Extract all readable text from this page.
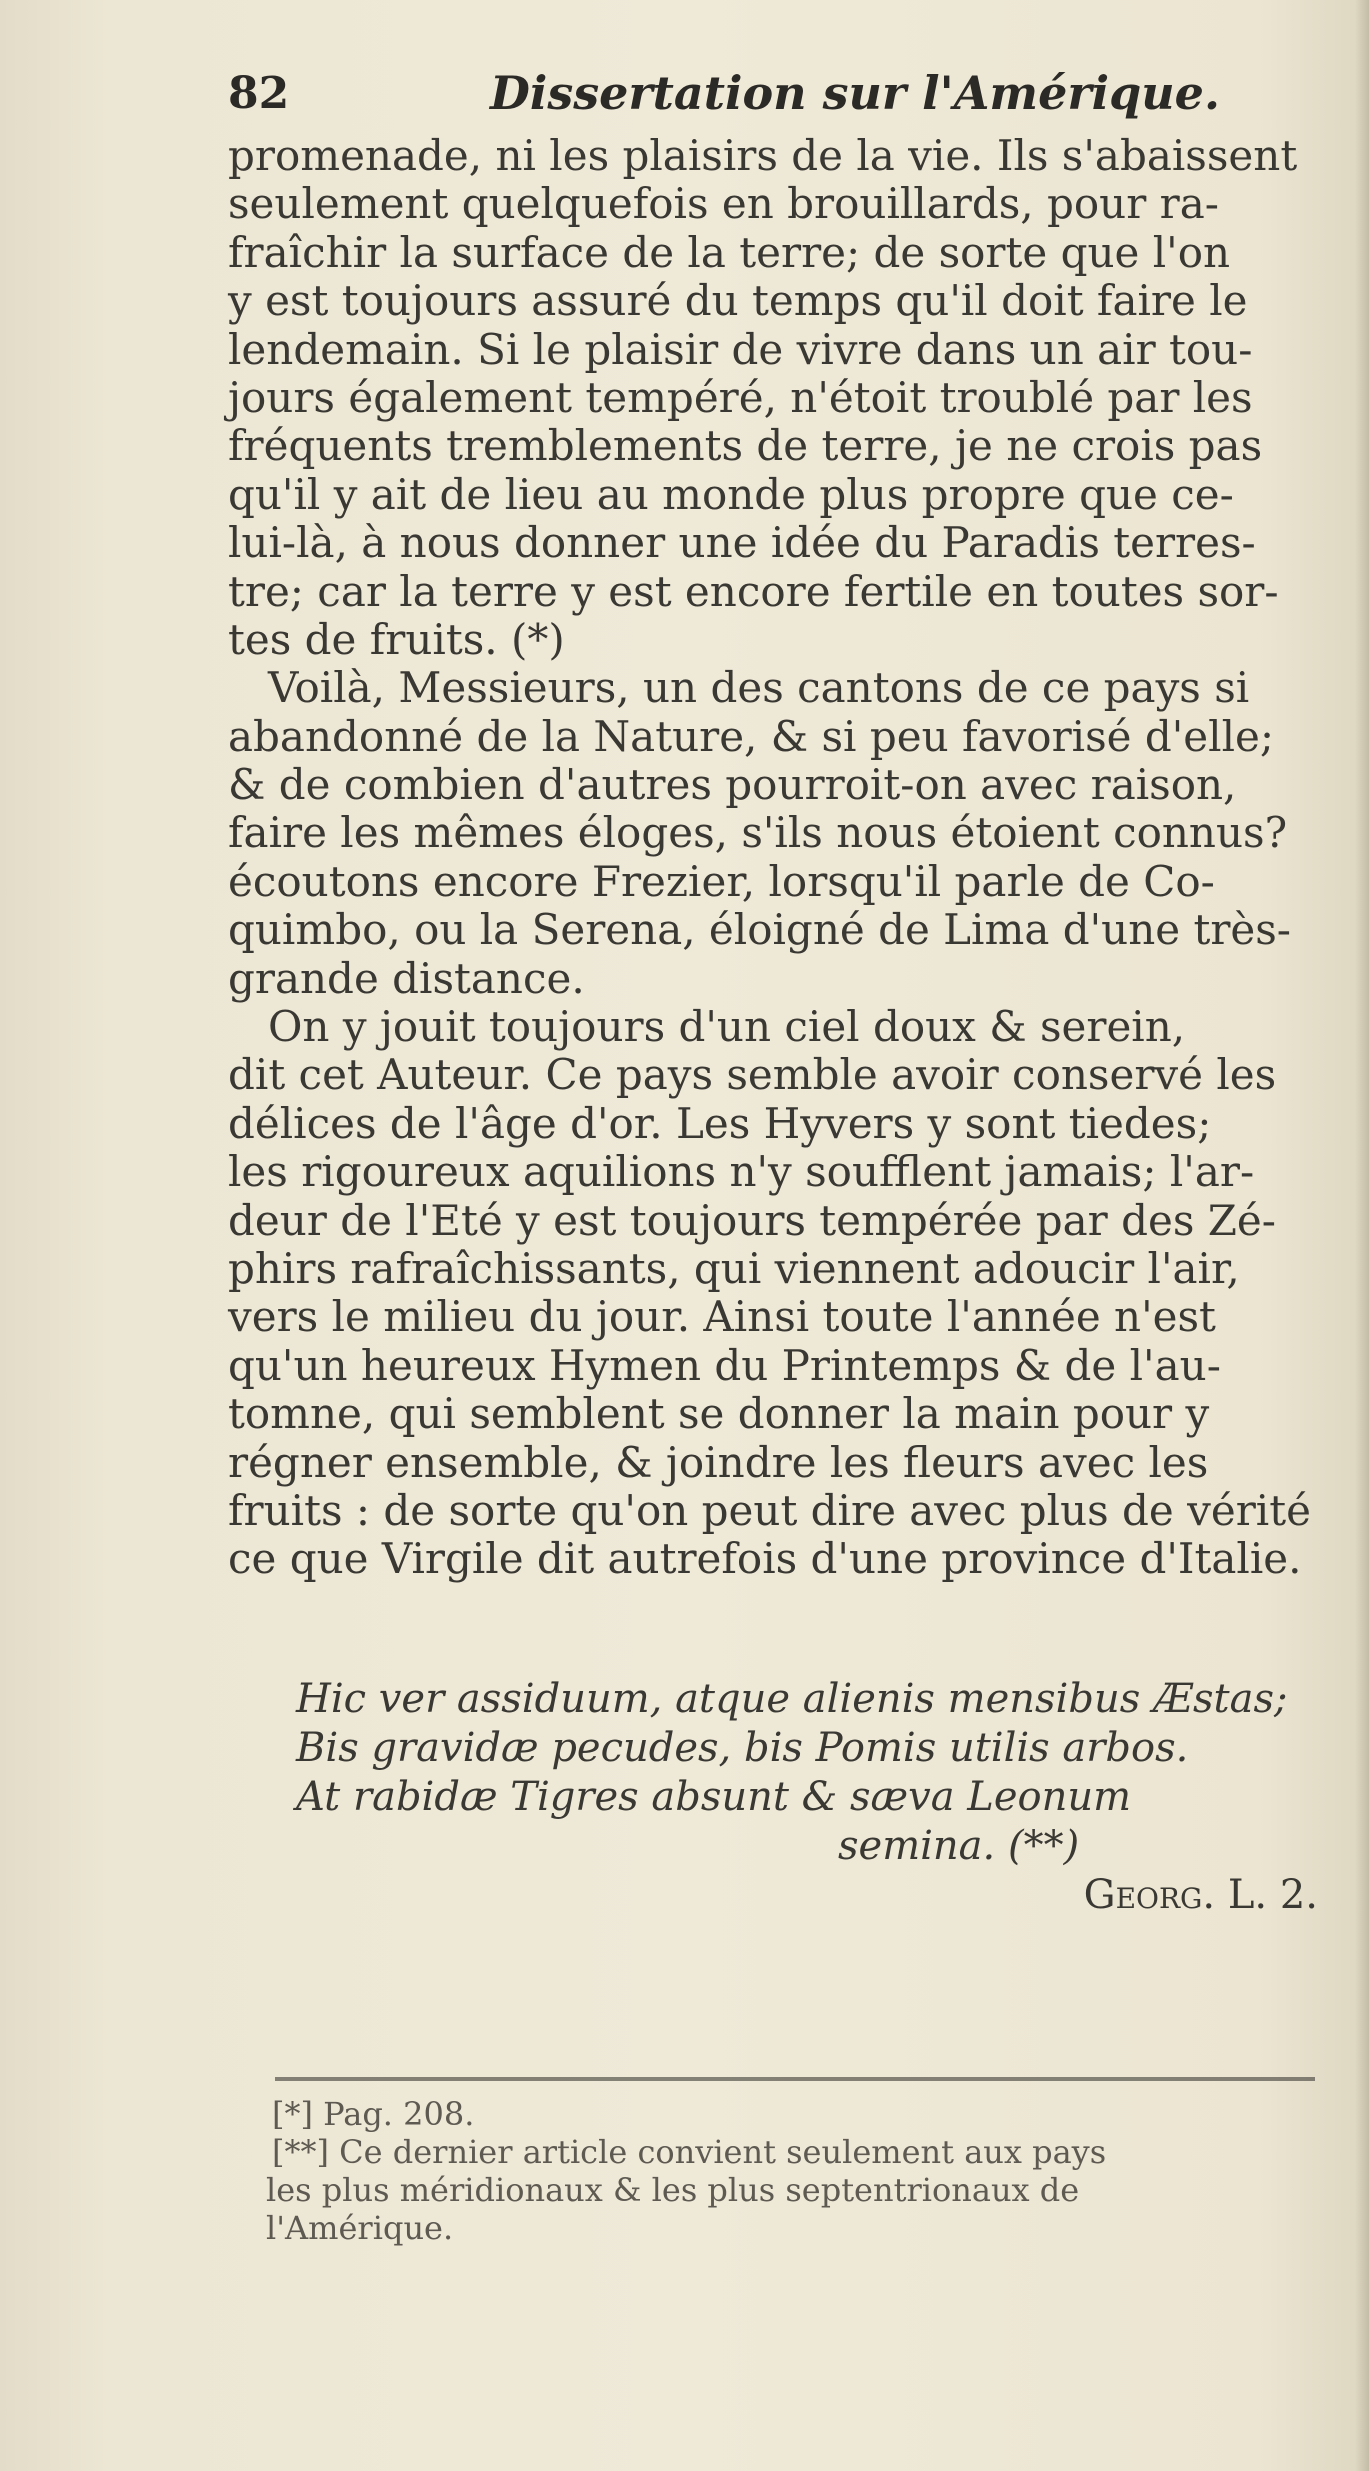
82	Dissertation sur l'Amérique.
promenade, ni les plaisirs de la vie. Ils s'abaissent
seulement quelquefois en brouillards, pour ra-
fraîchir la surface de la terre; de sorte que l'on
y est toujours assuré du temps qu'il doit faire le
lendemain. Si le plaisir de vivre dans un air tou-
jours également tempéré, n'étoit troublé par les
fréquents tremblements de terre, je ne crois pas
qu'il y ait de lieu au monde plus propre que ce-
lui-là, à nous donner une idée du Paradis terres-
tre; car la terre y est encore fertile en toutes sor-
tes de fruits. (*)
Voilà, Messieurs, un des cantons de ce pays si
abandonné de la Nature, & si peu favorisé d'elle;
& de combien d'autres pourroit-on avec raison,
faire les mêmes éloges, s'ils nous étoient connus?
écoutons encore Frezier, lorsqu'il parle de Co-
quimbo, ou la Serena, éloigné de Lima d'une très-
grande distance.
On y jouit toujours d'un ciel doux & serein,
dit cet Auteur. Ce pays semble avoir conservé les
délices de l'âge d'or. Les Hyvers y sont tiedes;
les rigoureux aquilions n'y soufflent jamais; l'ar-
deur de l'Eté y est toujours tempérée par des Zé-
phirs rafraîchissants, qui viennent adoucir l'air,
vers le milieu du jour. Ainsi toute l'année n'est
qu'un heureux Hymen du Printemps & de l'au-
tomne, qui semblent se donner la main pour y
régner ensemble, & joindre les fleurs avec les
fruits : de sorte qu'on peut dire avec plus de vérité
ce que Virgile dit autrefois d'une province d'Italie.
Hic ver assiduum, atque alienis mensibus Æstas;
Bis gravidæ pecudes, bis Pomis utilis arbos.
At rabidæ Tigres absunt & sæva Leonum
semina. (**)
Georg. L. 2.
[*] Pag. 208.
[**] Ce dernier article convient seulement aux pays
les plus méridionaux & les plus septentrionaux de
l'Amérique.
